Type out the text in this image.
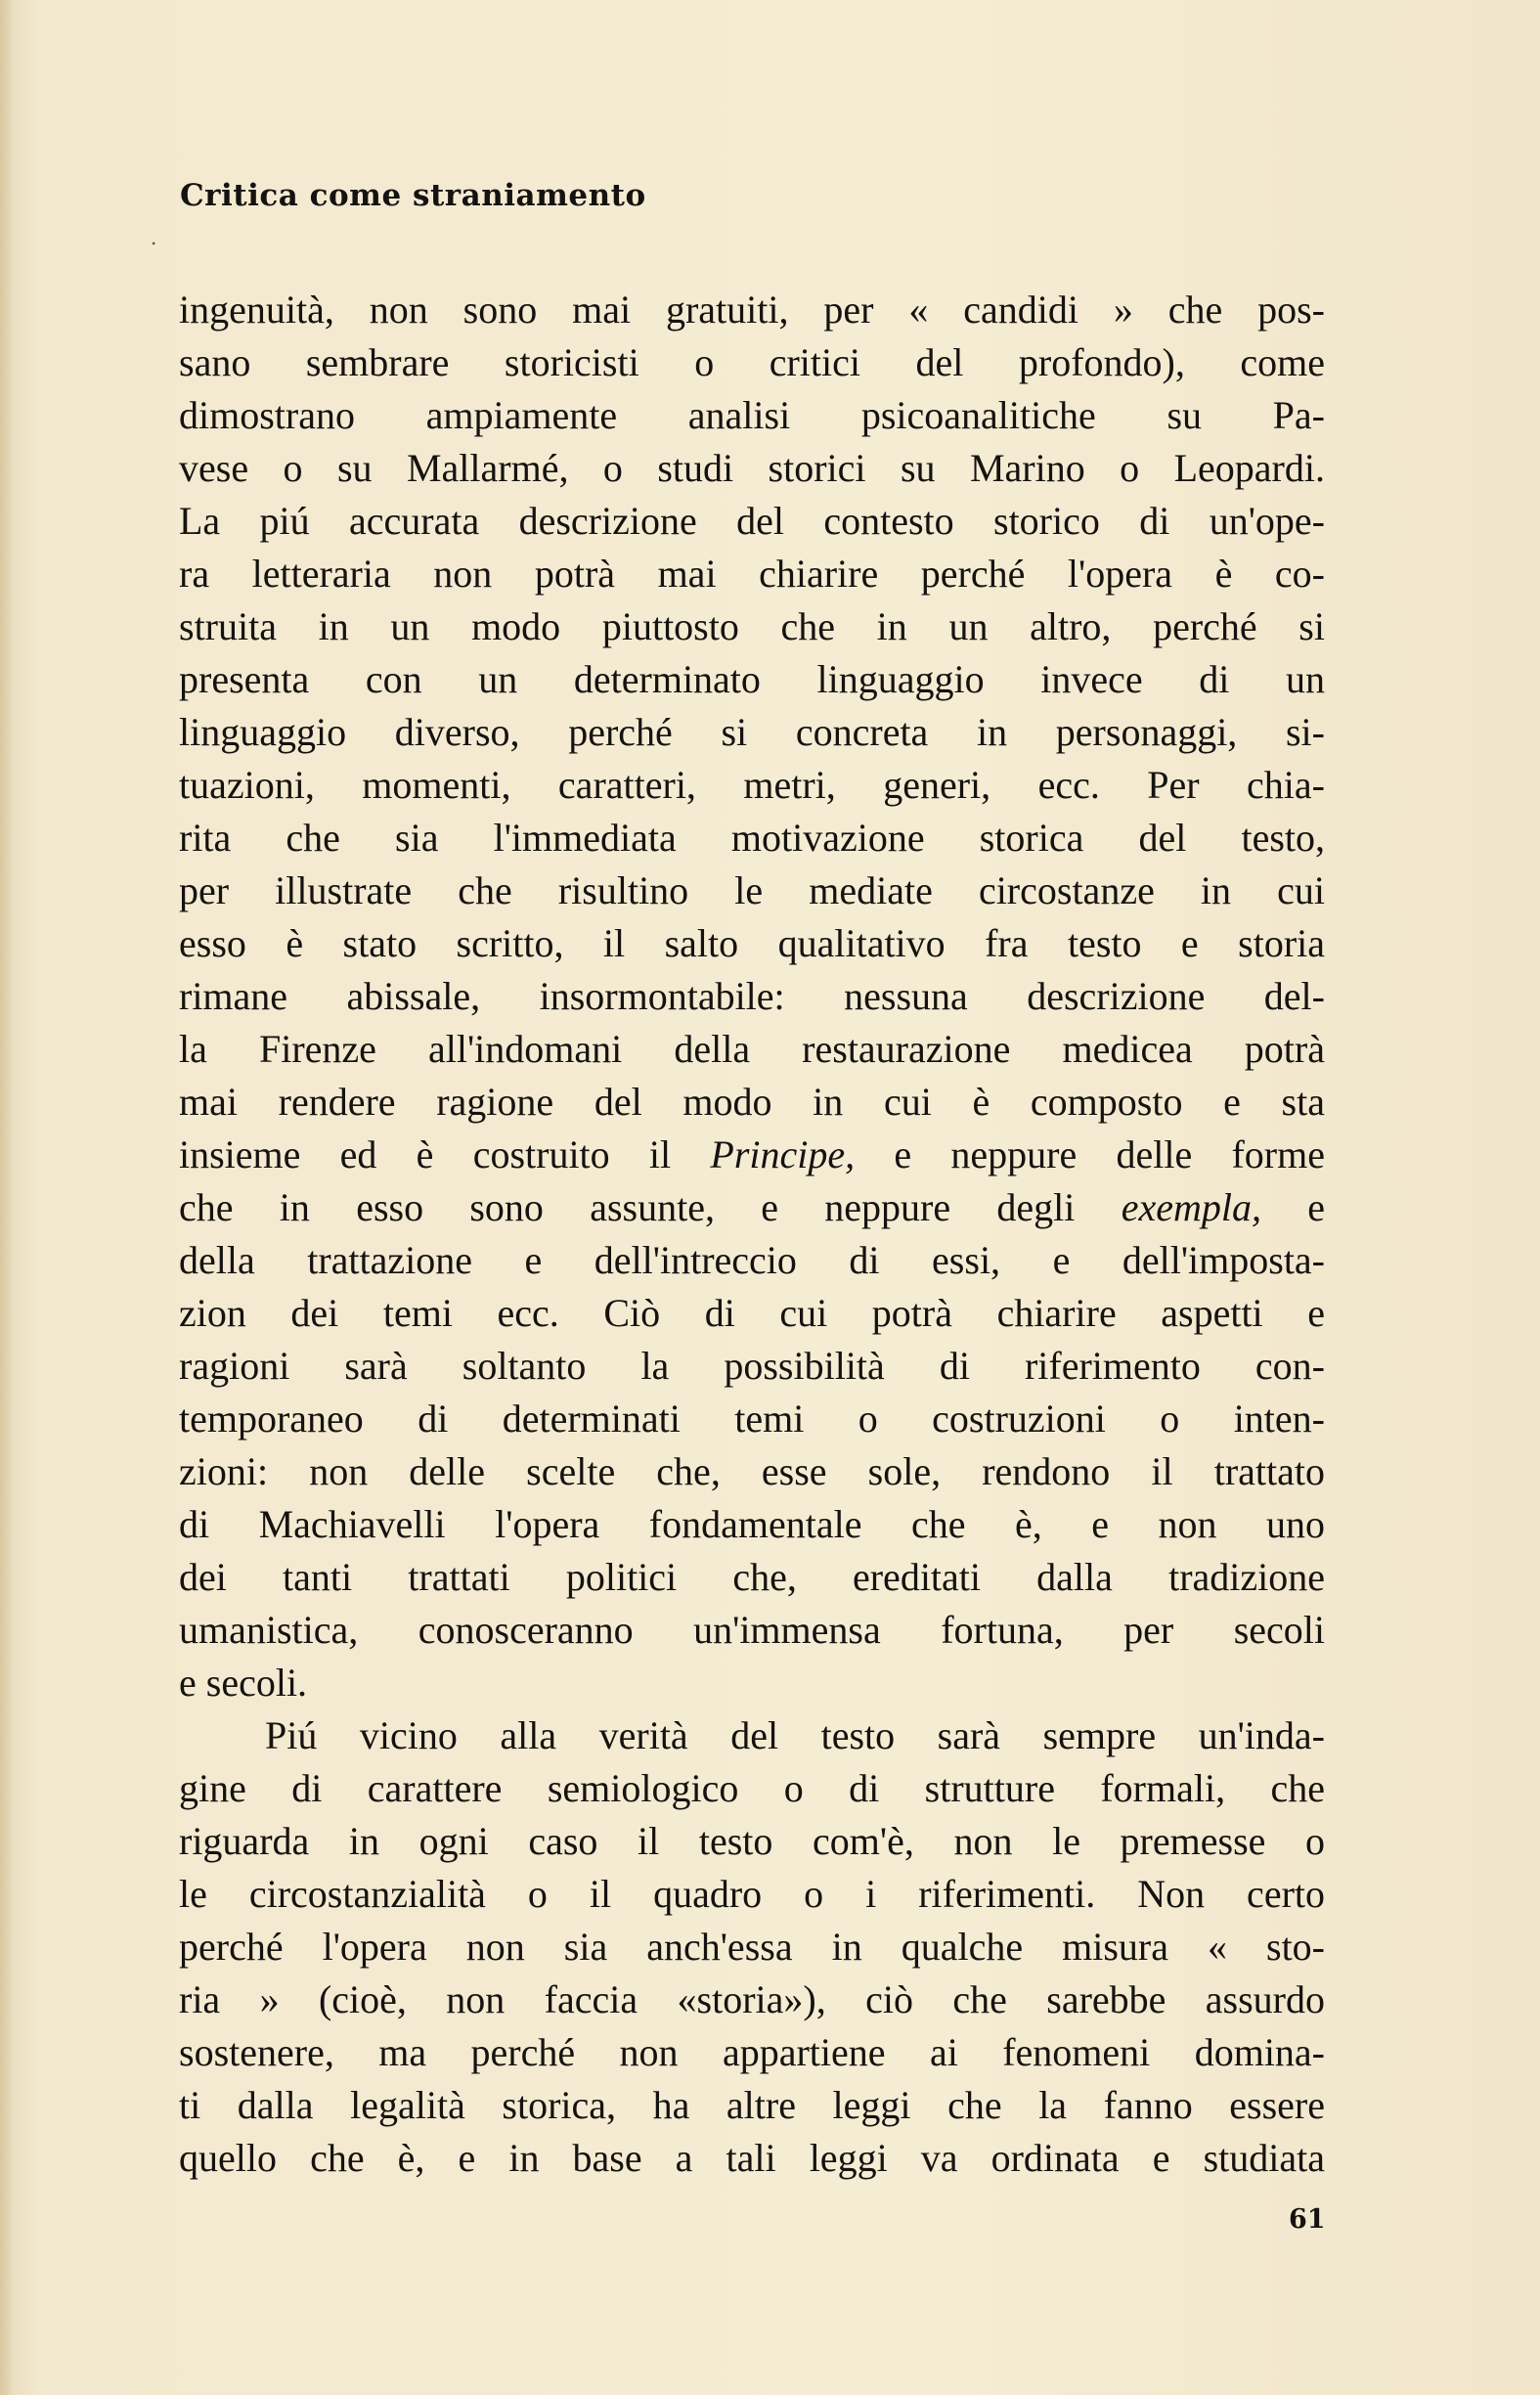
Critica come straniamento
•
ingenuità, non sono mai gratuiti, per « candidi » che pos-
sano sembrare storicisti o critici del profondo), come
dimostrano ampiamente analisi psicoanalitiche su Pa-
vese o su Mallarmé, o studi storici su Marino o Leopardi.
La piú accurata descrizione del contesto storico di un'ope-
ra letteraria non potrà mai chiarire perché l'opera è co-
struita in un modo piuttosto che in un altro, perché si
presenta con un determinato linguaggio invece di un
linguaggio diverso, perché si concreta in personaggi, si-
tuazioni, momenti, caratteri, metri, generi, ecc. Per chia-
rita che sia l'immediata motivazione storica del testo,
per illustrate che risultino le mediate circostanze in cui
esso è stato scritto, il salto qualitativo fra testo e storia
rimane abissale, insormontabile: nessuna descrizione del-
la Firenze all'indomani della restaurazione medicea potrà
mai rendere ragione del modo in cui è composto e sta
insieme ed è costruito il Principe, e neppure delle forme
che in esso sono assunte, e neppure degli exempla, e
della trattazione e dell'intreccio di essi, e dell'imposta-
zion dei temi ecc. Ciò di cui potrà chiarire aspetti e
ragioni sarà soltanto la possibilità di riferimento con-
temporaneo di determinati temi o costruzioni o inten-
zioni: non delle scelte che, esse sole, rendono il trattato
di Machiavelli l'opera fondamentale che è, e non uno
dei tanti trattati politici che, ereditati dalla tradizione
umanistica, conosceranno un'immensa fortuna, per secoli
e secoli.
Piú vicino alla verità del testo sarà sempre un'inda-
gine di carattere semiologico o di strutture formali, che
riguarda in ogni caso il testo com'è, non le premesse o
le circostanzialità o il quadro o i riferimenti. Non certo
perché l'opera non sia anch'essa in qualche misura « sto-
ria » (cioè, non faccia «storia»), ciò che sarebbe assurdo
sostenere, ma perché non appartiene ai fenomeni domina-
ti dalla legalità storica, ha altre leggi che la fanno essere
quello che è, e in base a tali leggi va ordinata e studiata
61
